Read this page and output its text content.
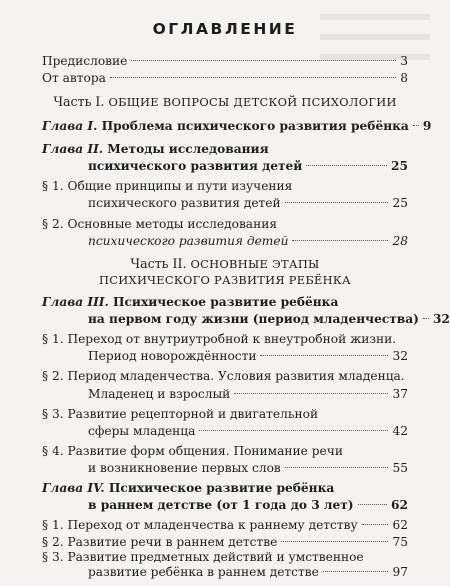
ОГЛАВЛЕНИЕ
Предисловие	3
От автора	8
Часть I. ОБЩИЕ ВОПРОСЫ ДЕТСКОЙ ПСИХОЛОГИИ
Глава I. Проблема психического развития ребёнка 9
Глава II. Методы исследования
психического развития детей	25
§ 1. Общие принципы и пути изучения
психического развития детей	25
§ 2. Основные методы исследования
психического развития детей	28
Часть II. ОСНОВНЫЕ ЭТАПЫ
ПСИХИЧЕСКОГО РАЗВИТИЯ РЕБЁНКА
Глава III. Психическое развитие ребёнка
на первом году жизни (период младенчества) 32
§ 1. Переход от внутриутробной к внеутробной жизни.
Период новорождённости	32
§ 2. Период младенчества. Условия развития младенца.
Младенец и взрослый	37
§ 3. Развитие рецепторной и двигательной
сферы младенца	42
§ 4. Развитие форм общения. Понимание речи
и возникновение первых слов	55
Глава IV. Психическое развитие ребёнка
в раннем детстве (от 1 года до 3 лет)	62
§ 1. Переход от младенчества к раннему детству	62
§ 2. Развитие речи в раннем детстве	75
§ 3. Развитие предметных действий и умственное
развитие ребёнка в раннем детстве	97
